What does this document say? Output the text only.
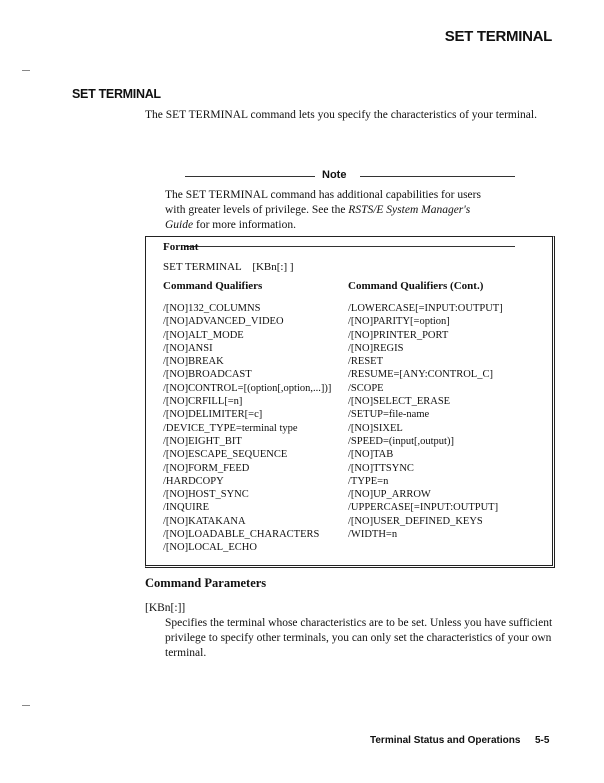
SET TERMINAL
SET TERMINAL
The SET TERMINAL command lets you specify the characteristics of your terminal.
Note
The SET TERMINAL command has additional capabilities for users with greater levels of privilege. See the RSTS/E System Manager's Guide for more information.
Format
SET TERMINAL    [KBn[:] ]
Command Qualifiers	Command Qualifiers (Cont.)
/[NO]132_COLUMNS
/[NO]ADVANCED_VIDEO
/[NO]ALT_MODE
/[NO]ANSI
/[NO]BREAK
/[NO]BROADCAST
/[NO]CONTROL=[(option[,option,...])]
/[NO]CRFILL[=n]
/[NO]DELIMITER[=c]
/DEVICE_TYPE=terminal type
/[NO]EIGHT_BIT
/[NO]ESCAPE_SEQUENCE
/[NO]FORM_FEED
/HARDCOPY
/[NO]HOST_SYNC
/INQUIRE
/[NO]KATAKANA
/[NO]LOADABLE_CHARACTERS
/[NO]LOCAL_ECHO
/LOWERCASE[=INPUT:OUTPUT]
/[NO]PARITY[=option]
/[NO]PRINTER_PORT
/[NO]REGIS
/RESET
/RESUME=[ANY:CONTROL_C]
/SCOPE
/[NO]SELECT_ERASE
/SETUP=file-name
/[NO]SIXEL
/SPEED=(input[,output)]
/[NO]TAB
/[NO]TTSYNC
/TYPE=n
/[NO]UP_ARROW
/UPPERCASE[=INPUT:OUTPUT]
/[NO]USER_DEFINED_KEYS
/WIDTH=n
Command Parameters
[KBn[:]]
Specifies the terminal whose characteristics are to be set. Unless you have sufficient privilege to specify other terminals, you can only set the characteristics of your own terminal.
Terminal Status and Operations 5-5
